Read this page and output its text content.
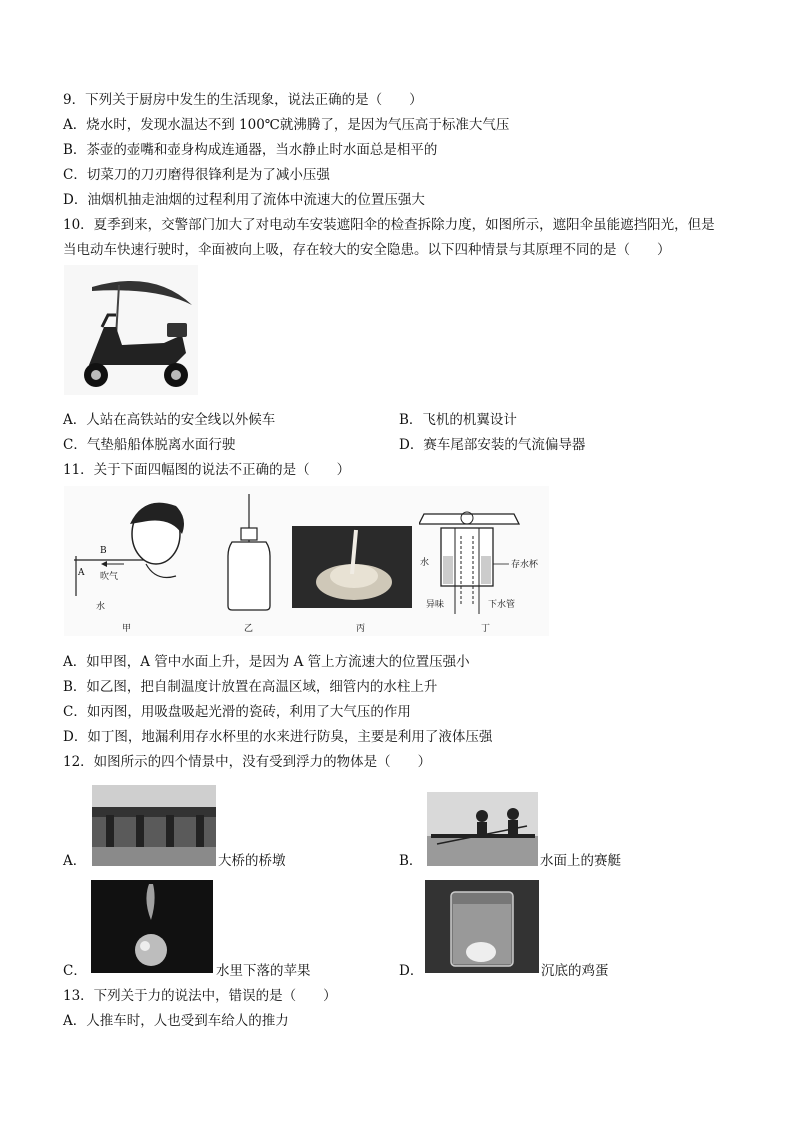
9．下列关于厨房中发生的生活现象，说法正确的是（　　）
A．烧水时，发现水温达不到 100℃就沸腾了，是因为气压高于标准大气压
B．茶壶的壶嘴和壶身构成连通器，当水静止时水面总是相平的
C．切菜刀的刀刃磨得很锋利是为了减小压强
D．油烟机抽走油烟的过程利用了流体中流速大的位置压强大
10．夏季到来，交警部门加大了对电动车安装遮阳伞的检查拆除力度，如图所示，遮阳伞虽能遮挡阳光，但是
当电动车快速行驶时，伞面被向上吸，存在较大的安全隐患。以下四种情景与其原理不同的是（　　）
A．人站在高铁站的安全线以外候车	B．飞机的机翼设计
C．气垫船船体脱离水面行驶	D．赛车尾部安装的气流偏导器
11．关于下面四幅图的说法不正确的是（　　）
B
吹气
A
水
甲	乙	丙
水	存水杯
异味	下水管
丁
A．如甲图，A 管中水面上升，是因为 A 管上方流速大的位置压强小
B．如乙图，把自制温度计放置在高温区域，细管内的水柱上升
C．如丙图，用吸盘吸起光滑的瓷砖，利用了大气压的作用
D．如丁图，地漏利用存水杯里的水来进行防臭，主要是利用了液体压强
12．如图所示的四个情景中，没有受到浮力的物体是（　　）
A．	大桥的桥墩	B．	水面上的赛艇
C．	水里下落的苹果	D．	沉底的鸡蛋
13．下列关于力的说法中，错误的是（　　）
A．人推车时，人也受到车给人的推力
